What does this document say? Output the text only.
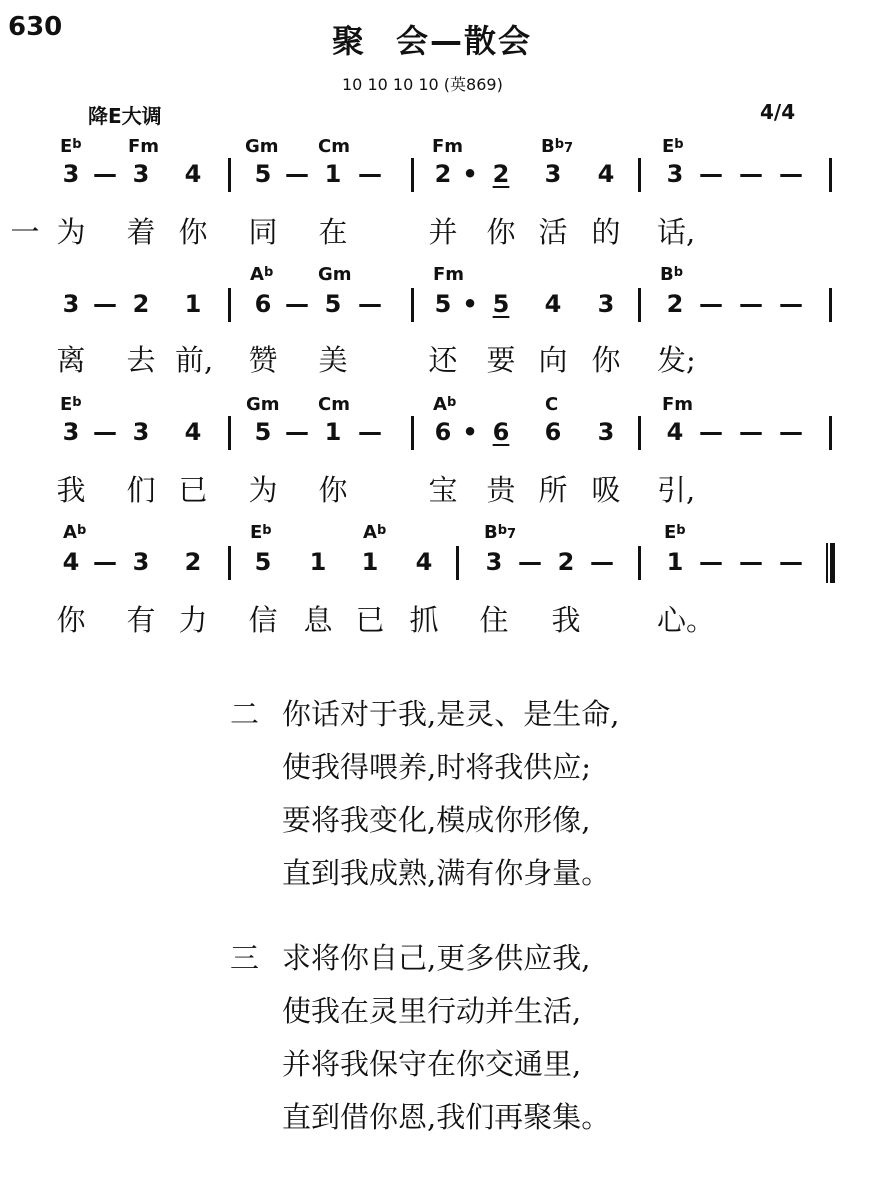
630	聚 会—散会
10 10 10 10 (英869)
降E大调	4/4
$E^b$	Fm	Gm Cm	Fm	$B^b7$	$E^b$
$A^b$ Gm	Fm	$B^b$
$E^b$	Gm Cm	$A^b$	C	Fm
$A^b$	$E^b$	$A^b$	$B^b7$	$E^b$
3 — 3 4 5 — 1 — 2 • 2 3 4 3 — — —
一 为 着 你 同 在	并 你 活 的 话,
3 — 2 1 6 — 5 — 5 • 5 4 3 2 — — —
离 去 前, 赞 美	还 要 向 你 发;
3 — 3 4 5 — 1 — 6 • 6 6 3 4 — — —
我 们 已 为 你	宝 贵 所 吸 引,
4 — 3 2 5 1 1 4 3 — 2 — 1 — — —
你 有 力 信 息 已 抓 住 我	心。
二 你话对于我,是灵、是生命,
使我得喂养,时将我供应;
要将我变化,模成你形像,
直到我成熟,满有你身量。
三 求将你自己,更多供应我,
使我在灵里行动并生活,
并将我保守在你交通里,
直到借你恩,我们再聚集。
